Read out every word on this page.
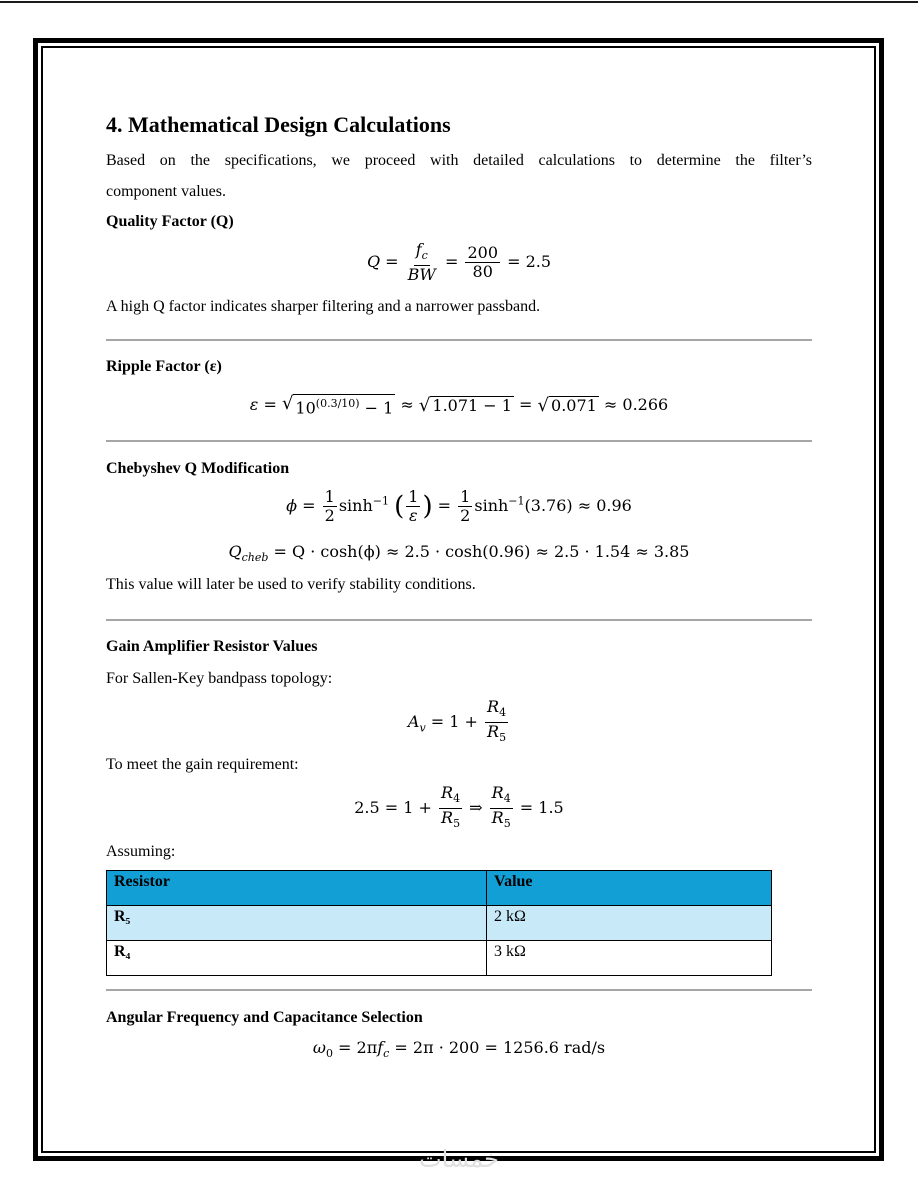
4. Mathematical Design Calculations
Based on the specifications, we proceed with detailed calculations to determine the filter’s
component values.
Quality Factor (Q)
$Q = \frac{f_c}{BW} = \frac{200}{80} = 2.5$
A high Q factor indicates sharper filtering and a narrower passband.
Ripple Factor (ε)
ε = √ $10^{(0.3/10)} - 1$ ≈ √ 1.071 − 1 = √ 0.071 ≈ 0.266
Chebyshev Q Modification
$\phi = \frac{1}{2} \sinh^{-1}$ ( $\frac{1}{\varepsilon}$ ) = $\frac{1}{2} \sinh^{-1}(3.76) \approx 0.96$
$Q_{cheb} = Q \cdot \cosh(\phi) \approx 2.5 \cdot \cosh(0.96) \approx 2.5 \cdot 1.54 \approx 3.85$
This value will later be used to verify stability conditions.
Gain Amplifier Resistor Values
For Sallen-Key bandpass topology:
$A_v = 1 + \frac{R_4}{R_5}$
To meet the gain requirement:
$2.5 = 1 + \frac{R_4}{R_5}$ ⇒ $\frac{R_4}{R_5} = 1.5$
Assuming:
Resistor	Value
R₅	2 kΩ
R₄	3 kΩ
Angular Frequency and Capacitance Selection
$\omega_0 = 2\pi f_c = 2\pi \cdot 200 = 1256.6$ rad/s
خمسات
